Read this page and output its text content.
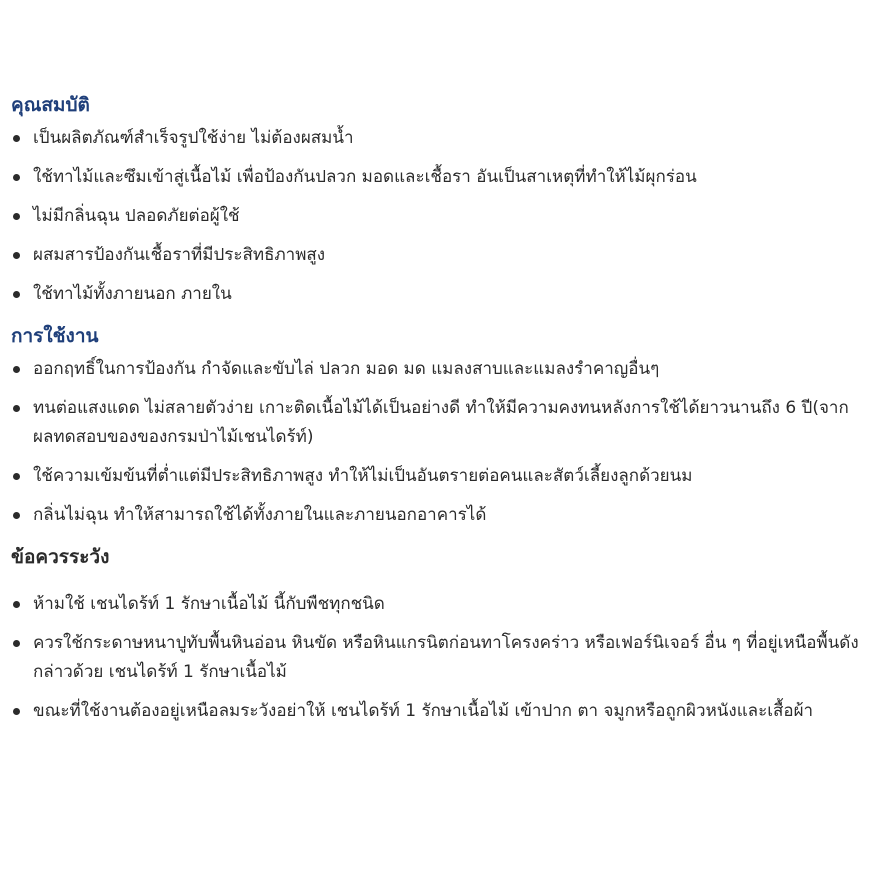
คุณสมบัติ
เป็นผลิตภัณฑ์สำเร็จรูปใช้ง่าย ไม่ต้องผสมน้ำ
ใช้ทาไม้และซึมเข้าสู่เนื้อไม้ เพื่อป้องกันปลวก มอดและเชื้อรา อันเป็นสาเหตุที่ทำให้ไม้ผุกร่อน
ไม่มีกลิ่นฉุน ปลอดภัยต่อผู้ใช้
ผสมสารป้องกันเชื้อราที่มีประสิทธิภาพสูง
ใช้ทาไม้ทั้งภายนอก ภายใน
การใช้งาน
ออกฤทธิ์ในการป้องกัน กำจัดและขับไล่ ปลวก มอด มด แมลงสาบและแมลงรำคาญอื่นๆ
ทนต่อแสงแดด ไม่สลายตัวง่าย เกาะติดเนื้อไม้ได้เป็นอย่างดี ทำให้มีความคงทนหลังการใช้ได้ยาวนานถึง 6 ปี(จากผลทดสอบของของกรมป่าไม้เชนไดร้ท์)
ใช้ความเข้มข้นที่ต่ำแต่มีประสิทธิภาพสูง ทำให้ไม่เป็นอันตรายต่อคนและสัตว์เลี้ยงลูกด้วยนม
กลิ่นไม่ฉุน ทำให้สามารถใช้ได้ทั้งภายในและภายนอกอาคารได้
ข้อควรระวัง
ห้ามใช้ เชนไดร้ท์ 1 รักษาเนื้อไม้ นี้กับพืชทุกชนิด
ควรใช้กระดาษหนาปูทับพื้นหินอ่อน หินขัด หรือหินแกรนิตก่อนทาโครงคร่าว หรือเฟอร์นิเจอร์ อื่น ๆ ที่อยู่เหนือพื้นดังกล่าวด้วย เชนไดร้ท์ 1 รักษาเนื้อไม้
ขณะที่ใช้งานต้องอยู่เหนือลมระวังอย่าให้ เชนไดร้ท์ 1 รักษาเนื้อไม้ เข้าปาก ตา จมูกหรือถูกผิวหนังและเสื้อผ้า
